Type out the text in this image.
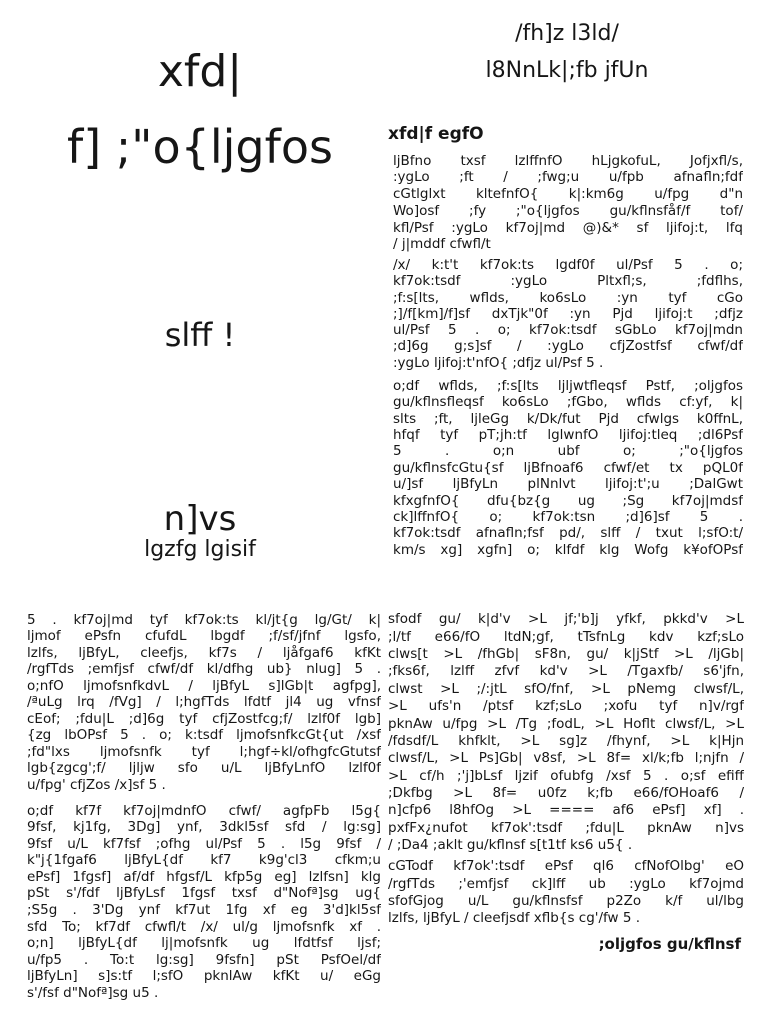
xfd|
f] ;"o{ljgfos
slff !
n]vs
lgzfg lgisif
/fh]z l3ld/
l8NnLk|;fb jfUn
xfd|f egfO
ljBfno txsf lzlffnfO hLjgkofuL, Jofjxfl/s,
:ygLo ;ft / ;fwg;u u/fpb afnafln;fdf
cGtlglxt kltefnfO{ k|:km6g u/fpg d"n
Wo]osf ;fy ;"o{ljgfos gu/kflnsfåf/f tof/
kfl/Psf :ygLo kf7oj|md @)&* sf ljifoj:t, lfq
/ j|mddf cfwfl/t
/x/ k:t't kf7ok:ts lgdf0f ul/Psf 5 . o;
kf7ok:tsdf :ygLo Pltxfl;s, ;fdflhs,
;f:s[lts, wflds, ko6sLo :yn tyf cGo
;]/f[km]/f]sf dxTjk"0f :yn Pjd ljifoj:t ;dfjz
ul/Psf 5 . o; kf7ok:tsdf sGbLo kf7oj|mdn
;d]6g g;s]sf / :ygLo cfjZostfsf cfwf/df
:ygLo ljifoj:t'nfO{ ;dfjz ul/Psf 5 .
o;df wflds, ;f:s[lts ljljwtfleqsf Pstf, ;oljgfos
gu/kflnsfleqsf ko6sLo ;fGbo, wflds cf:yf, k|
slts ;ft, ljleGg k/Dk/fut Pjd cfwlgs k0ffnL,
hfqf tyf pT;jh:tf lglwnfO ljifoj:tleq ;dl6Psf
5 . o;n ubf o; ;"o{ljgfos
gu/kflnsfcGtu{sf ljBfnoaf6 cfwf/et tx pQL0f
u/]sf ljBfyLn plNnlvt ljifoj:t';u ;DalGwt
kfxgfnfO{ dfu{bz{g ug ;Sg kf7oj|mdsf
ck]lffnfO{ o; kf7ok:tsn ;d]6]sf 5 .
kf7ok:tsdf afnafln;fsf pd/, slff / txut l;sfO:t/
km/s xg] xgfn] o; klfdf klg Wofg k¥ofOPsf
5 . kf7oj|md tyf kf7ok:ts kl/jt{g lg/Gt/ k|
ljmof ePsfn cfufdL lbgdf ;f/sf/jfnf lgsfo,
lzlfs, ljBfyL, cleefjs, kf7s / ljåfgaf6 kfKt
/rgfTds ;emfjsf cfwf/df kl/dfhg ub} nlug] 5 .
o;nfO ljmofsnfkdvL / ljBfyL s]lGb|t agfpg],
/ªuLg lrq /fVg] / l;hgfTds lfdtf jl4 ug vfnsf
cEof; ;fdu|L ;d]6g tyf cfjZostfcg;f/ lzlf0f lgb]
{zg lbOPsf 5 . o; k:tsdf ljmofsnfkcGt{ut /xsf
;fd"lxs ljmofsnfk tyf l;hgf÷kl/ofhgfcGtutsf
lgb{zgcg';f/ ljljw sfo u/L ljBfyLnfO lzlf0f
u/fpg' cfjZos /x]sf 5 .
o;df kf7f kf7oj|mdnfO cfwf/ agfpFb l5g{
9fsf, kj1fg, 3Dg] ynf, 3dkl5sf sfd / lg:sg]
9fsf u/L kf7fsf ;ofhg ul/Psf 5 . l5g 9fsf /
k"j{1fgaf6 ljBfyL{df kf7 k9g'cl3 cfkm;u
ePsf] 1fgsf] af/df hfgsf/L kfp5g eg] lzlfsn] klg
pSt s'/fdf ljBfyLsf 1fgsf txsf d"Nofª]sg ug{
;S5g . 3'Dg ynf kf7ut 1fg xf eg 3'd]kl5sf
sfd To; kf7df cfwfl/t /x/ ul/g ljmofsnfk xf .
o;n] ljBfyL{df lj|mofsnfk ug lfdtfsf ljsf;
u/fp5 . To:t lg:sg] 9fsfn] pSt PsfOel/df
ljBfyLn] s]s:tf l;sfO pknlAw kfKt u/ eGg
s'/fsf d"Nofª]sg u5 .
sfodf gu/ k|d'v >L jf;'b]j yfkf, pkkd'v >L
;l/tf e66/fO ltdN;gf, tTsfnLg kdv kzf;sLo
clws[t >L /fhGb| sF8n, gu/ k|jStf >L /ljGb|
;fks6f, lzlff zfvf kd'v >L /Tgaxfb/ s6'jfn,
clwst >L ;/:jtL sfO/fnf, >L pNemg clwsf/L,
>L ufs'n /ptsf kzf;sLo ;xofu tyf n]v/rgf
pknAw u/fpg >L /Tg ;fodL, >L Hoflt clwsf/L, >L
/fdsdf/L khfklt, >L sg]z /fhynf, >L k|Hjn
clwsf/L, >L Ps]Gb| v8sf, >L 8f= xl/k;fb l;njfn /
>L cf/h ;'j]bLsf ljzif ofubfg /xsf 5 . o;sf efiff
;Dkfbg >L 8f= u0fz k;fb e66/fOHoaf6 /
n]cfp6 l8hfOg >L ==== af6 ePsf] xf] .
pxfFx¿nufot kf7ok':tsdf ;fdu|L pknAw n]vs
/ ;Da4 ;aklt gu/kflnsf s[t1tf ks6 u5{ .
cGTodf kf7ok':tsdf ePsf ql6 cfNofOlbg' eO
/rgfTds ;'emfjsf ck]lff ub :ygLo kf7ojmd
sfofGjog u/L gu/kflnsfsf p2Zo k/f ul/lbg
lzlfs, ljBfyL / cleefjsdf xflb{s cg'/fw 5 .
;oljgfos gu/kflnsf
